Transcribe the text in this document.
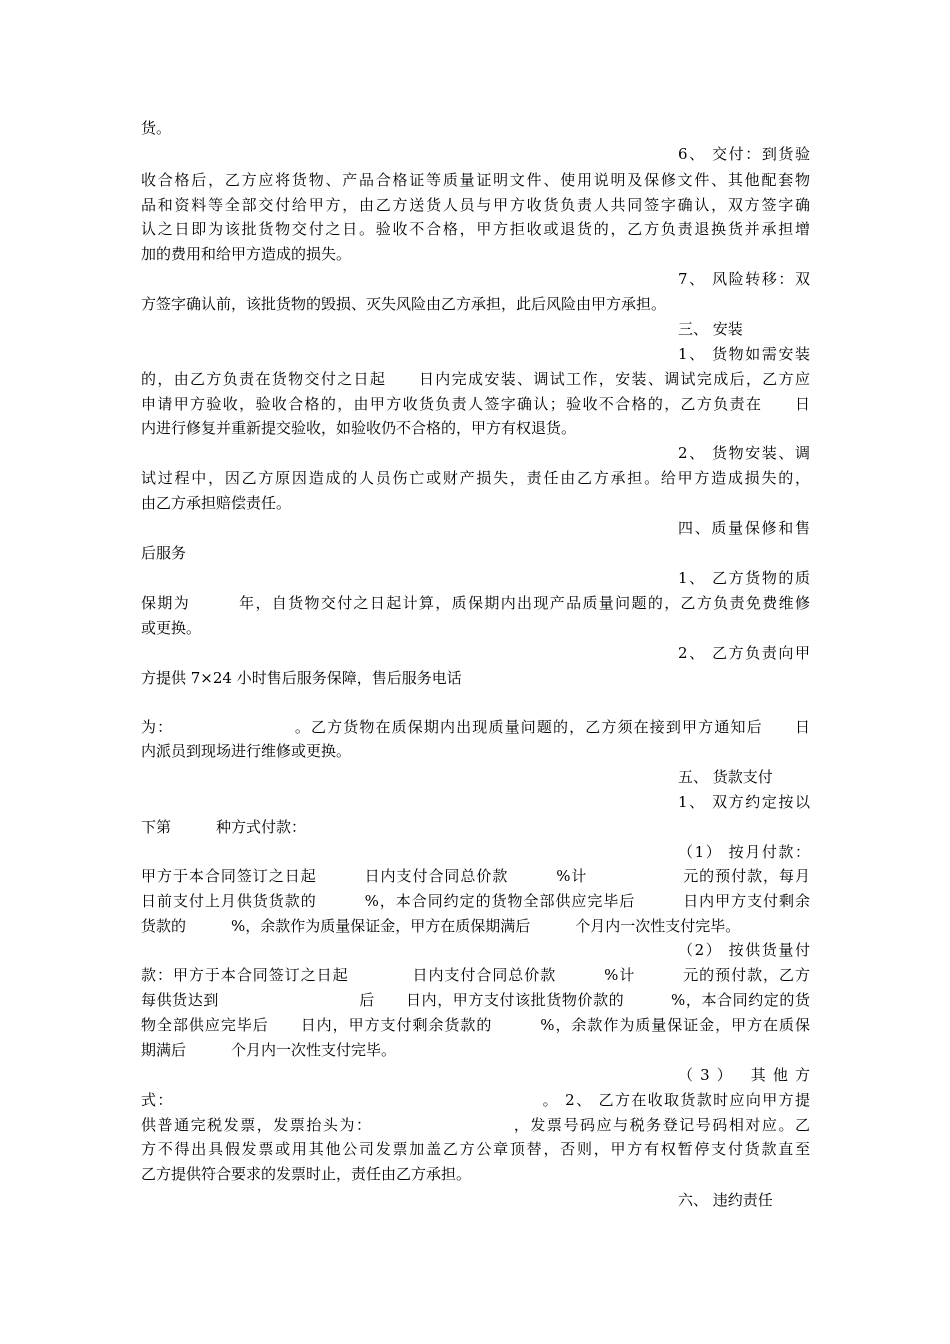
货。
6、 交付：到货验
收合格后，乙方应将货物、产品合格证等质量证明文件、使用说明及保修文件、其他配套物
品和资料等全部交付给甲方，由乙方送货人员与甲方收货负责人共同签字确认，双方签字确
认之日即为该批货物交付之日。验收不合格，甲方拒收或退货的，乙方负责退换货并承担增
加的费用和给甲方造成的损失。
7、 风险转移：双
方签字确认前，该批货物的毁损、灭失风险由乙方承担，此后风险由甲方承担。
三、 安装
1、 货物如需安装
的，由乙方负责在货物交付之日起　　日内完成安装、调试工作，安装、调试完成后，乙方应
申请甲方验收，验收合格的，由甲方收货负责人签字确认；验收不合格的，乙方负责在　　日
内进行修复并重新提交验收，如验收仍不合格的，甲方有权退货。
2、 货物安装、调
试过程中，因乙方原因造成的人员伤亡或财产损失，责任由乙方承担。给甲方造成损失的，
由乙方承担赔偿责任。
四、质量保修和售
后服务
1、 乙方货物的质
保期为　　　年，自货物交付之日起计算，质保期内出现产品质量问题的，乙方负责免费维修
或更换。
2、 乙方负责向甲
方提供 7×24 小时售后服务保障，售后服务电话
为：　　　　　　　　。乙方货物在质保期内出现质量问题的，乙方须在接到甲方通知后　　日
内派员到现场进行维修或更换。
五、 货款支付
1、 双方约定按以
下第　　　种方式付款：
（1） 按月付款：
甲方于本合同签订之日起　　　日内支付合同总价款　　　%计　　　　　　元的预付款，每月
日前支付上月供货货款的　　　%，本合同约定的货物全部供应完毕后　　　日内甲方支付剩余
货款的　　　%，余款作为质量保证金，甲方在质保期满后　　　个月内一次性支付完毕。
（2） 按供货量付
款：甲方于本合同签订之日起　　　　日内支付合同总价款　　　%计　　　元的预付款，乙方
每供货达到　　　　　　　　　后　　日内，甲方支付该批货物价款的　　　%，本合同约定的货
物全部供应完毕后　　日内，甲方支付剩余货款的　　　%，余款作为质量保证金，甲方在质保
期满后　　　个月内一次性支付完毕。
（3） 其他方
式：　　　　　　　　　　　　　　　　　　　　　　　。 2、 乙方在收取货款时应向甲方提
供普通完税发票，发票抬头为：　　　　　　　　　，发票号码应与税务登记号码相对应。乙
方不得出具假发票或用其他公司发票加盖乙方公章顶替，否则，甲方有权暂停支付货款直至
乙方提供符合要求的发票时止，责任由乙方承担。
六、 违约责任
